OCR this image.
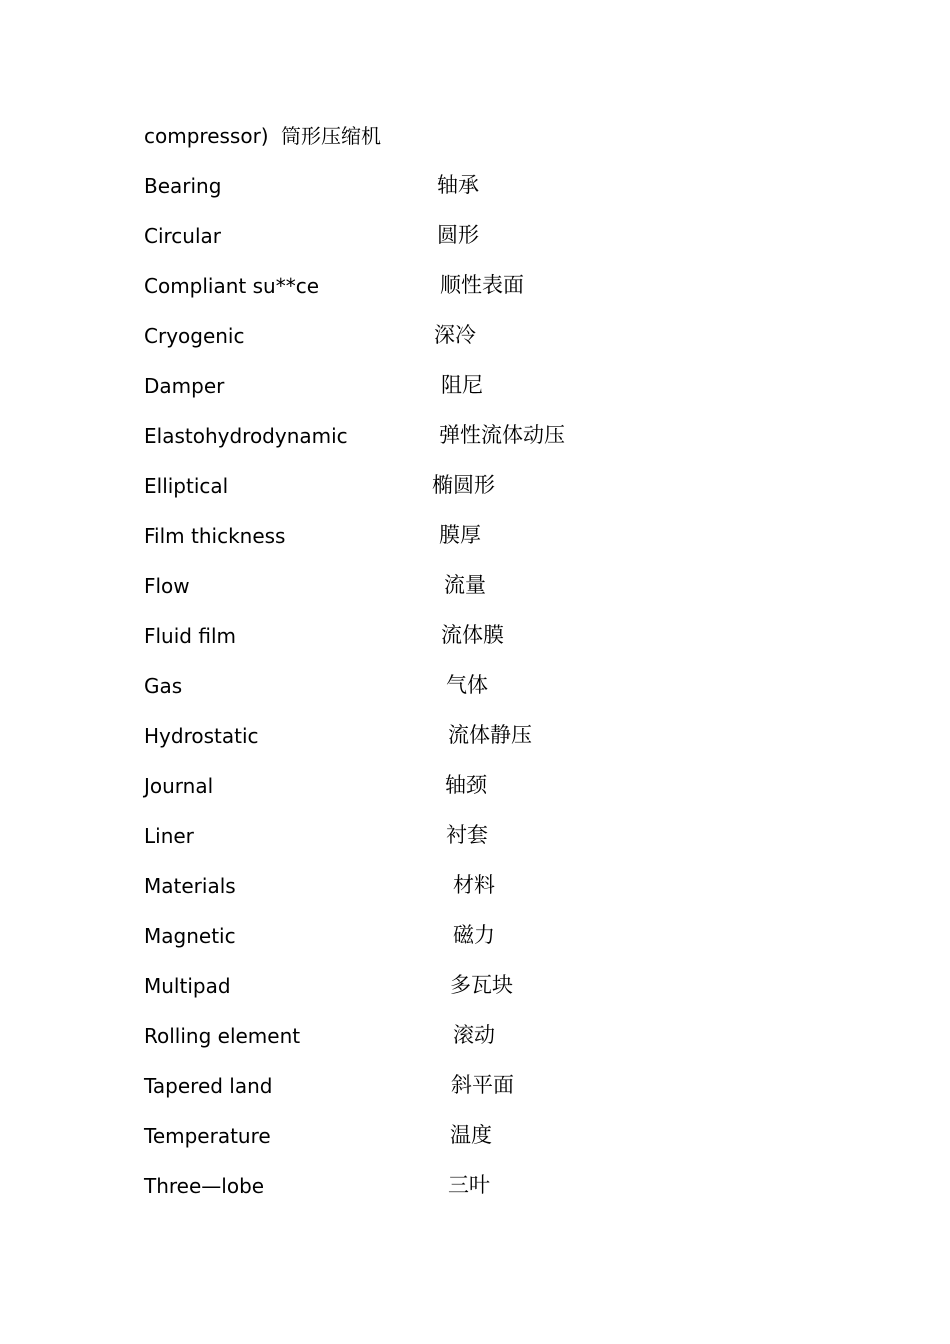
compressor) 筒形压缩机
Bearing	轴承
Circular	圆形
Compliant su**ce	顺性表面
Cryogenic	深冷
Damper	阻尼
Elastohydrodynamic	弹性流体动压
Elliptical	椭圆形
Film thickness	膜厚
Flow	流量
Fluid film	流体膜
Gas	气体
Hydrostatic	流体静压
Journal	轴颈
Liner	衬套
Materials	材料
Magnetic	磁力
Multipad	多瓦块
Rolling element	滚动
Tapered land	斜平面
Temperature	温度
Three—lobe	三叶
